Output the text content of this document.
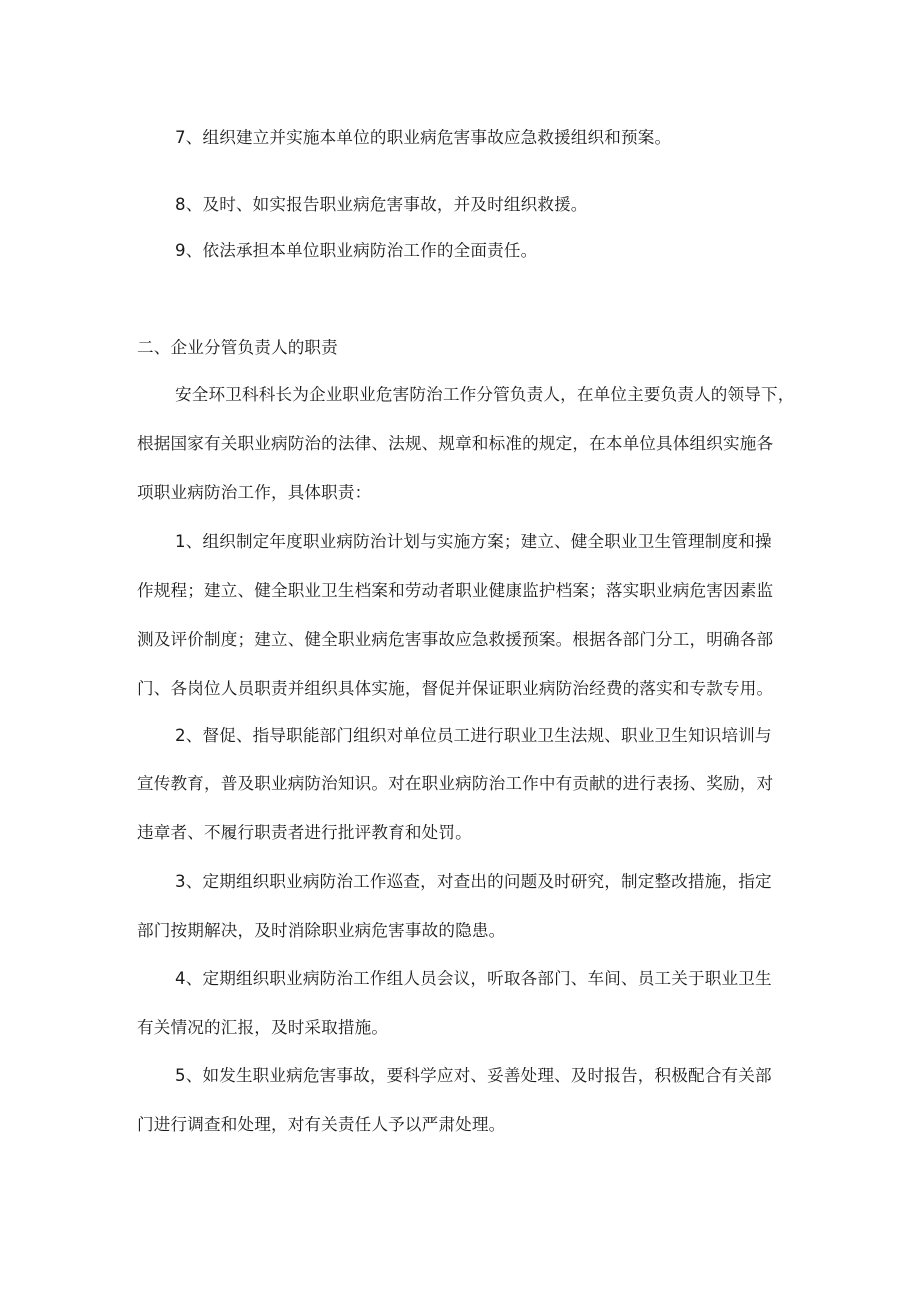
7、组织建立并实施本单位的职业病危害事故应急救援组织和预案。
8、及时、如实报告职业病危害事故，并及时组织救援。
9、依法承担本单位职业病防治工作的全面责任。
二、企业分管负责人的职责
安全环卫科科长为企业职业危害防治工作分管负责人，在单位主要负责人的领导下，
根据国家有关职业病防治的法律、法规、规章和标准的规定，在本单位具体组织实施各
项职业病防治工作，具体职责：
1、组织制定年度职业病防治计划与实施方案；建立、健全职业卫生管理制度和操
作规程；建立、健全职业卫生档案和劳动者职业健康监护档案；落实职业病危害因素监
测及评价制度；建立、健全职业病危害事故应急救援预案。根据各部门分工，明确各部
门、各岗位人员职责并组织具体实施，督促并保证职业病防治经费的落实和专款专用。
2、督促、指导职能部门组织对单位员工进行职业卫生法规、职业卫生知识培训与
宣传教育，普及职业病防治知识。对在职业病防治工作中有贡献的进行表扬、奖励，对
违章者、不履行职责者进行批评教育和处罚。
3、定期组织职业病防治工作巡查，对查出的问题及时研究，制定整改措施，指定
部门按期解决，及时消除职业病危害事故的隐患。
4、定期组织职业病防治工作组人员会议，听取各部门、车间、员工关于职业卫生
有关情况的汇报，及时采取措施。
5、如发生职业病危害事故，要科学应对、妥善处理、及时报告，积极配合有关部
门进行调查和处理，对有关责任人予以严肃处理。
